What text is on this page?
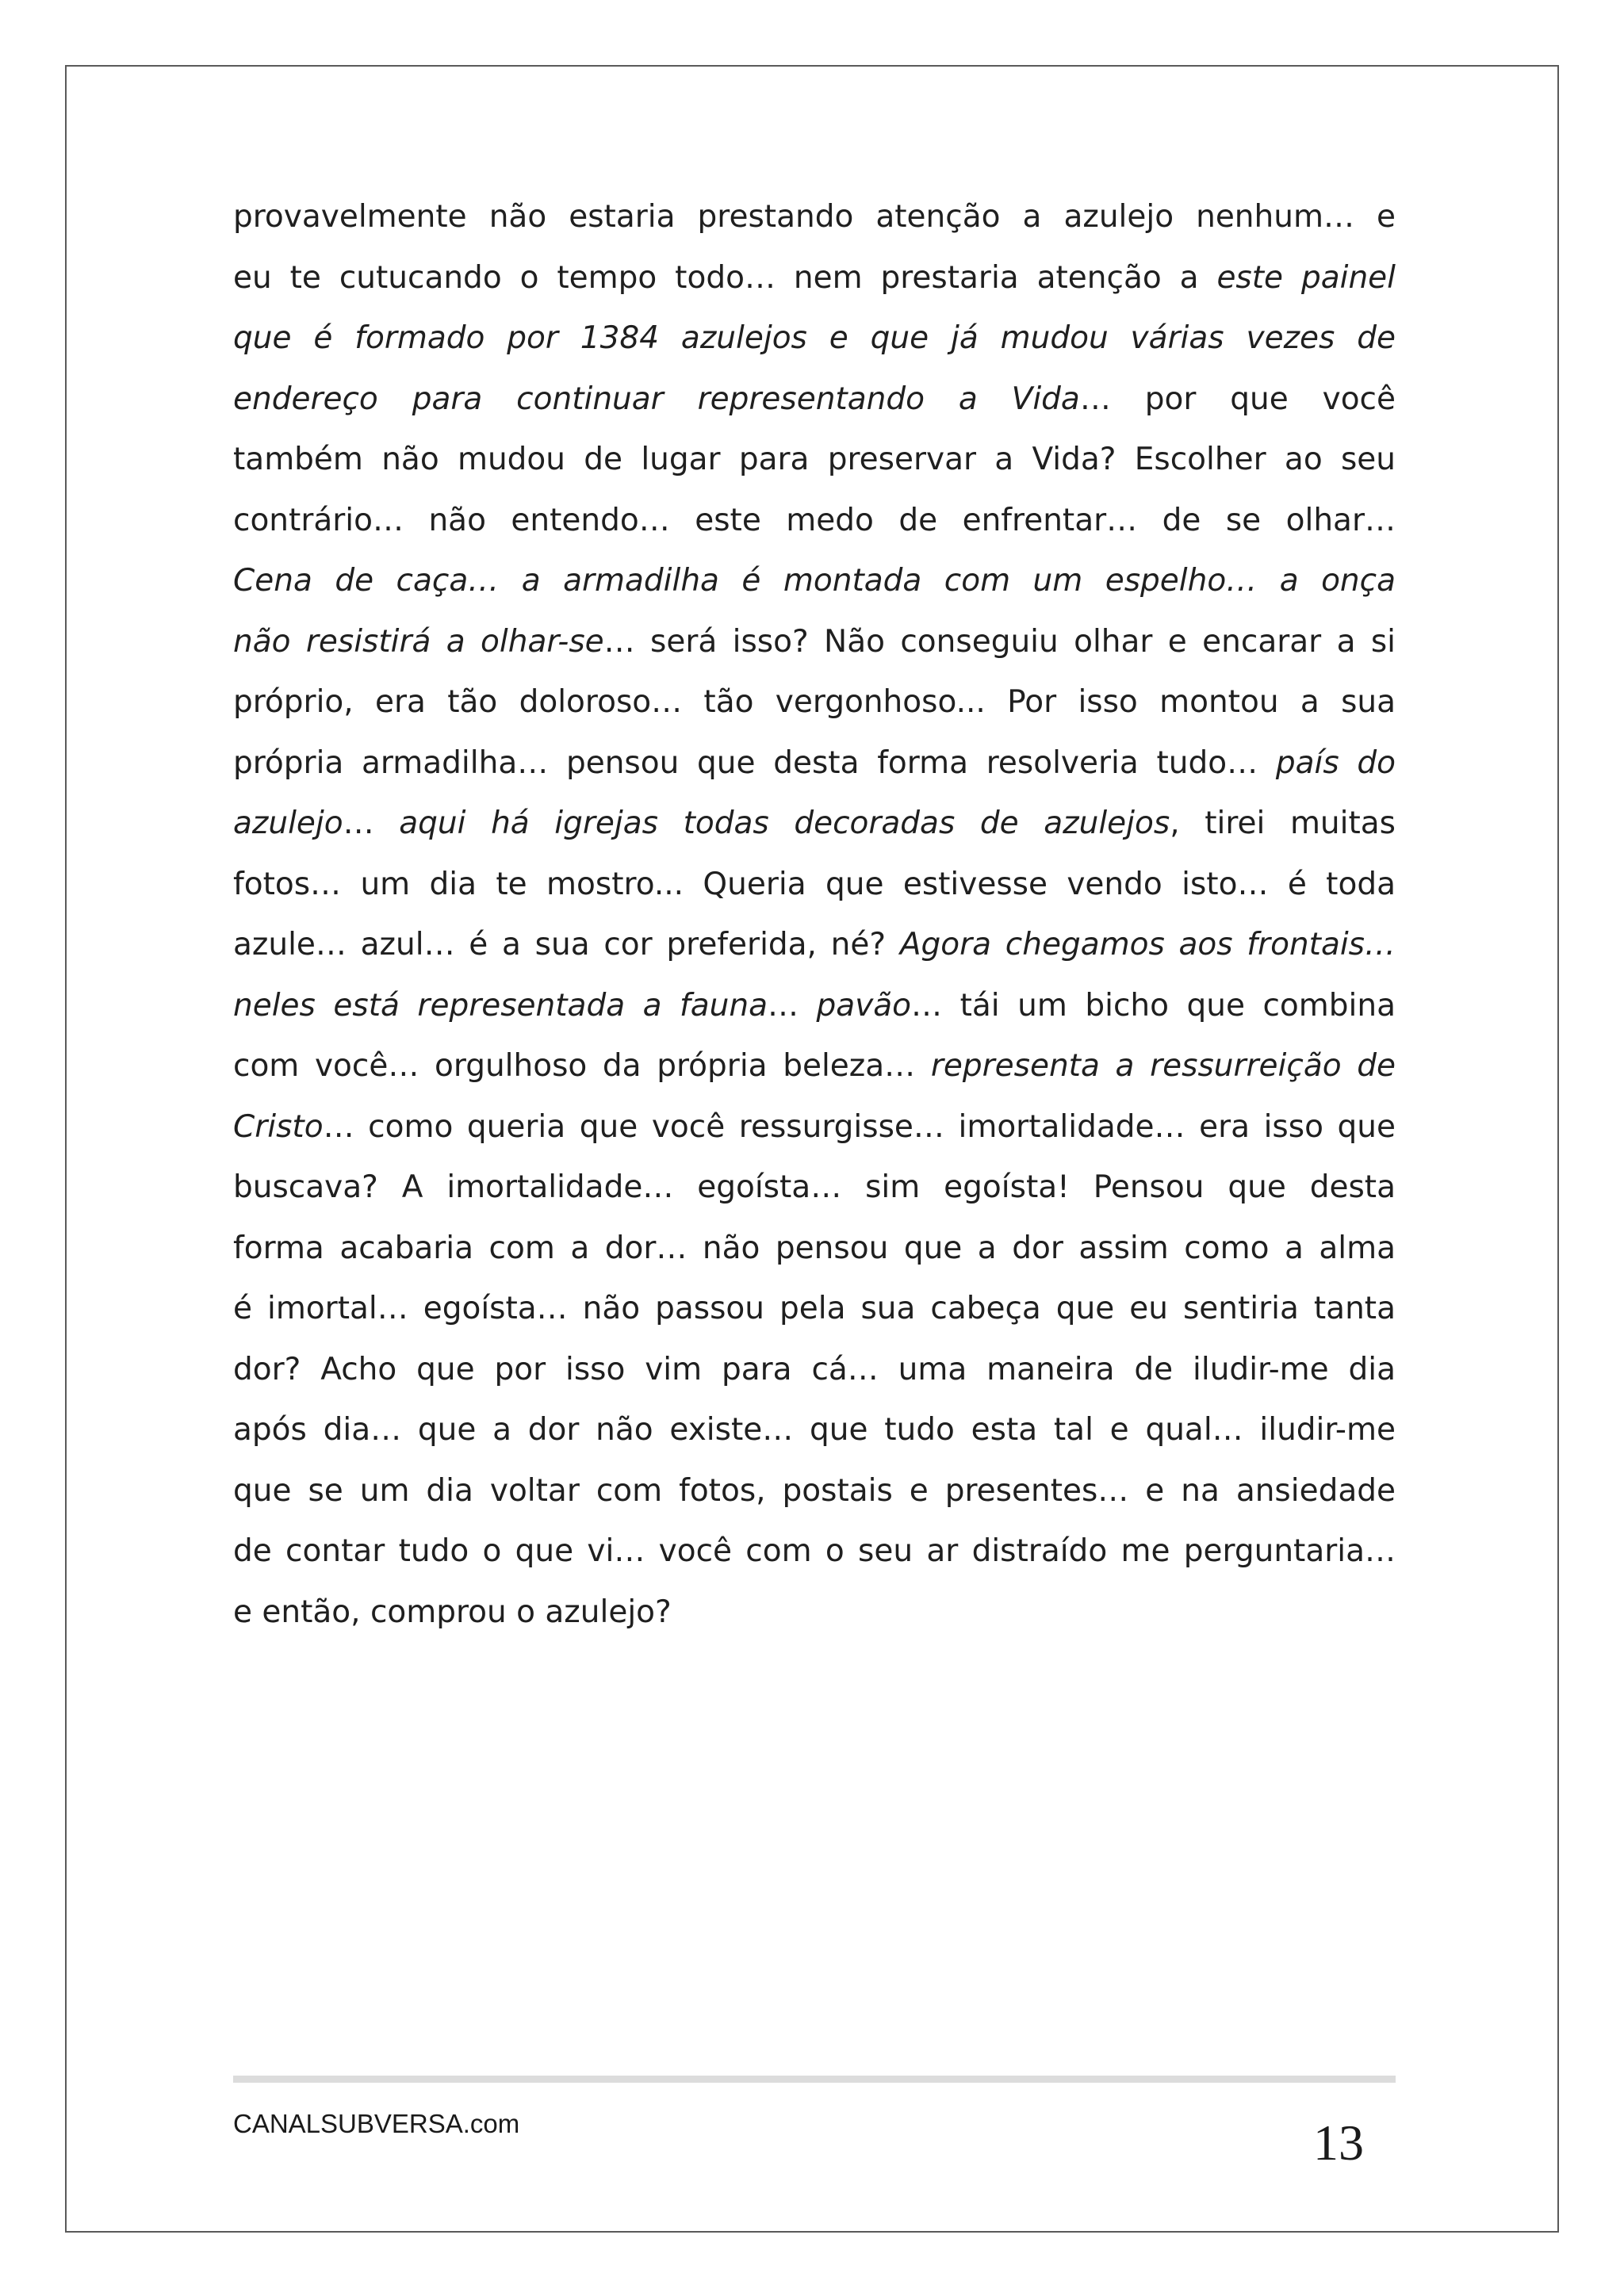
provavelmente não estaria prestando atenção a azulejo nenhum… e
eu te cutucando o tempo todo… nem prestaria atenção a este painel
que é formado por 1384 azulejos e que já mudou várias vezes de
endereço para continuar representando a Vida… por que você
também não mudou de lugar para preservar a Vida? Escolher ao seu
contrário… não entendo… este medo de enfrentar… de se olhar…
Cena de caça… a armadilha é montada com um espelho… a onça
não resistirá a olhar-se… será isso? Não conseguiu olhar e encarar a si
próprio, era tão doloroso… tão vergonhoso... Por isso montou a sua
própria armadilha… pensou que desta forma resolveria tudo… país do
azulejo… aqui há igrejas todas decoradas de azulejos, tirei muitas
fotos… um dia te mostro... Queria que estivesse vendo isto… é toda
azule… azul… é a sua cor preferida, né? Agora chegamos aos frontais…
neles está representada a fauna… pavão… tái um bicho que combina
com você… orgulhoso da própria beleza… representa a ressurreição de
Cristo… como queria que você ressurgisse… imortalidade… era isso que
buscava? A imortalidade… egoísta… sim egoísta! Pensou que desta
forma acabaria com a dor… não pensou que a dor assim como a alma
é imortal… egoísta… não passou pela sua cabeça que eu sentiria tanta
dor? Acho que por isso vim para cá… uma maneira de iludir-me dia
após dia… que a dor não existe… que tudo esta tal e qual… iludir-me
que se um dia voltar com fotos, postais e presentes… e na ansiedade
de contar tudo o que vi… você com o seu ar distraído me perguntaria…
e então, comprou o azulejo?
CANALSUBVERSA.com	13
